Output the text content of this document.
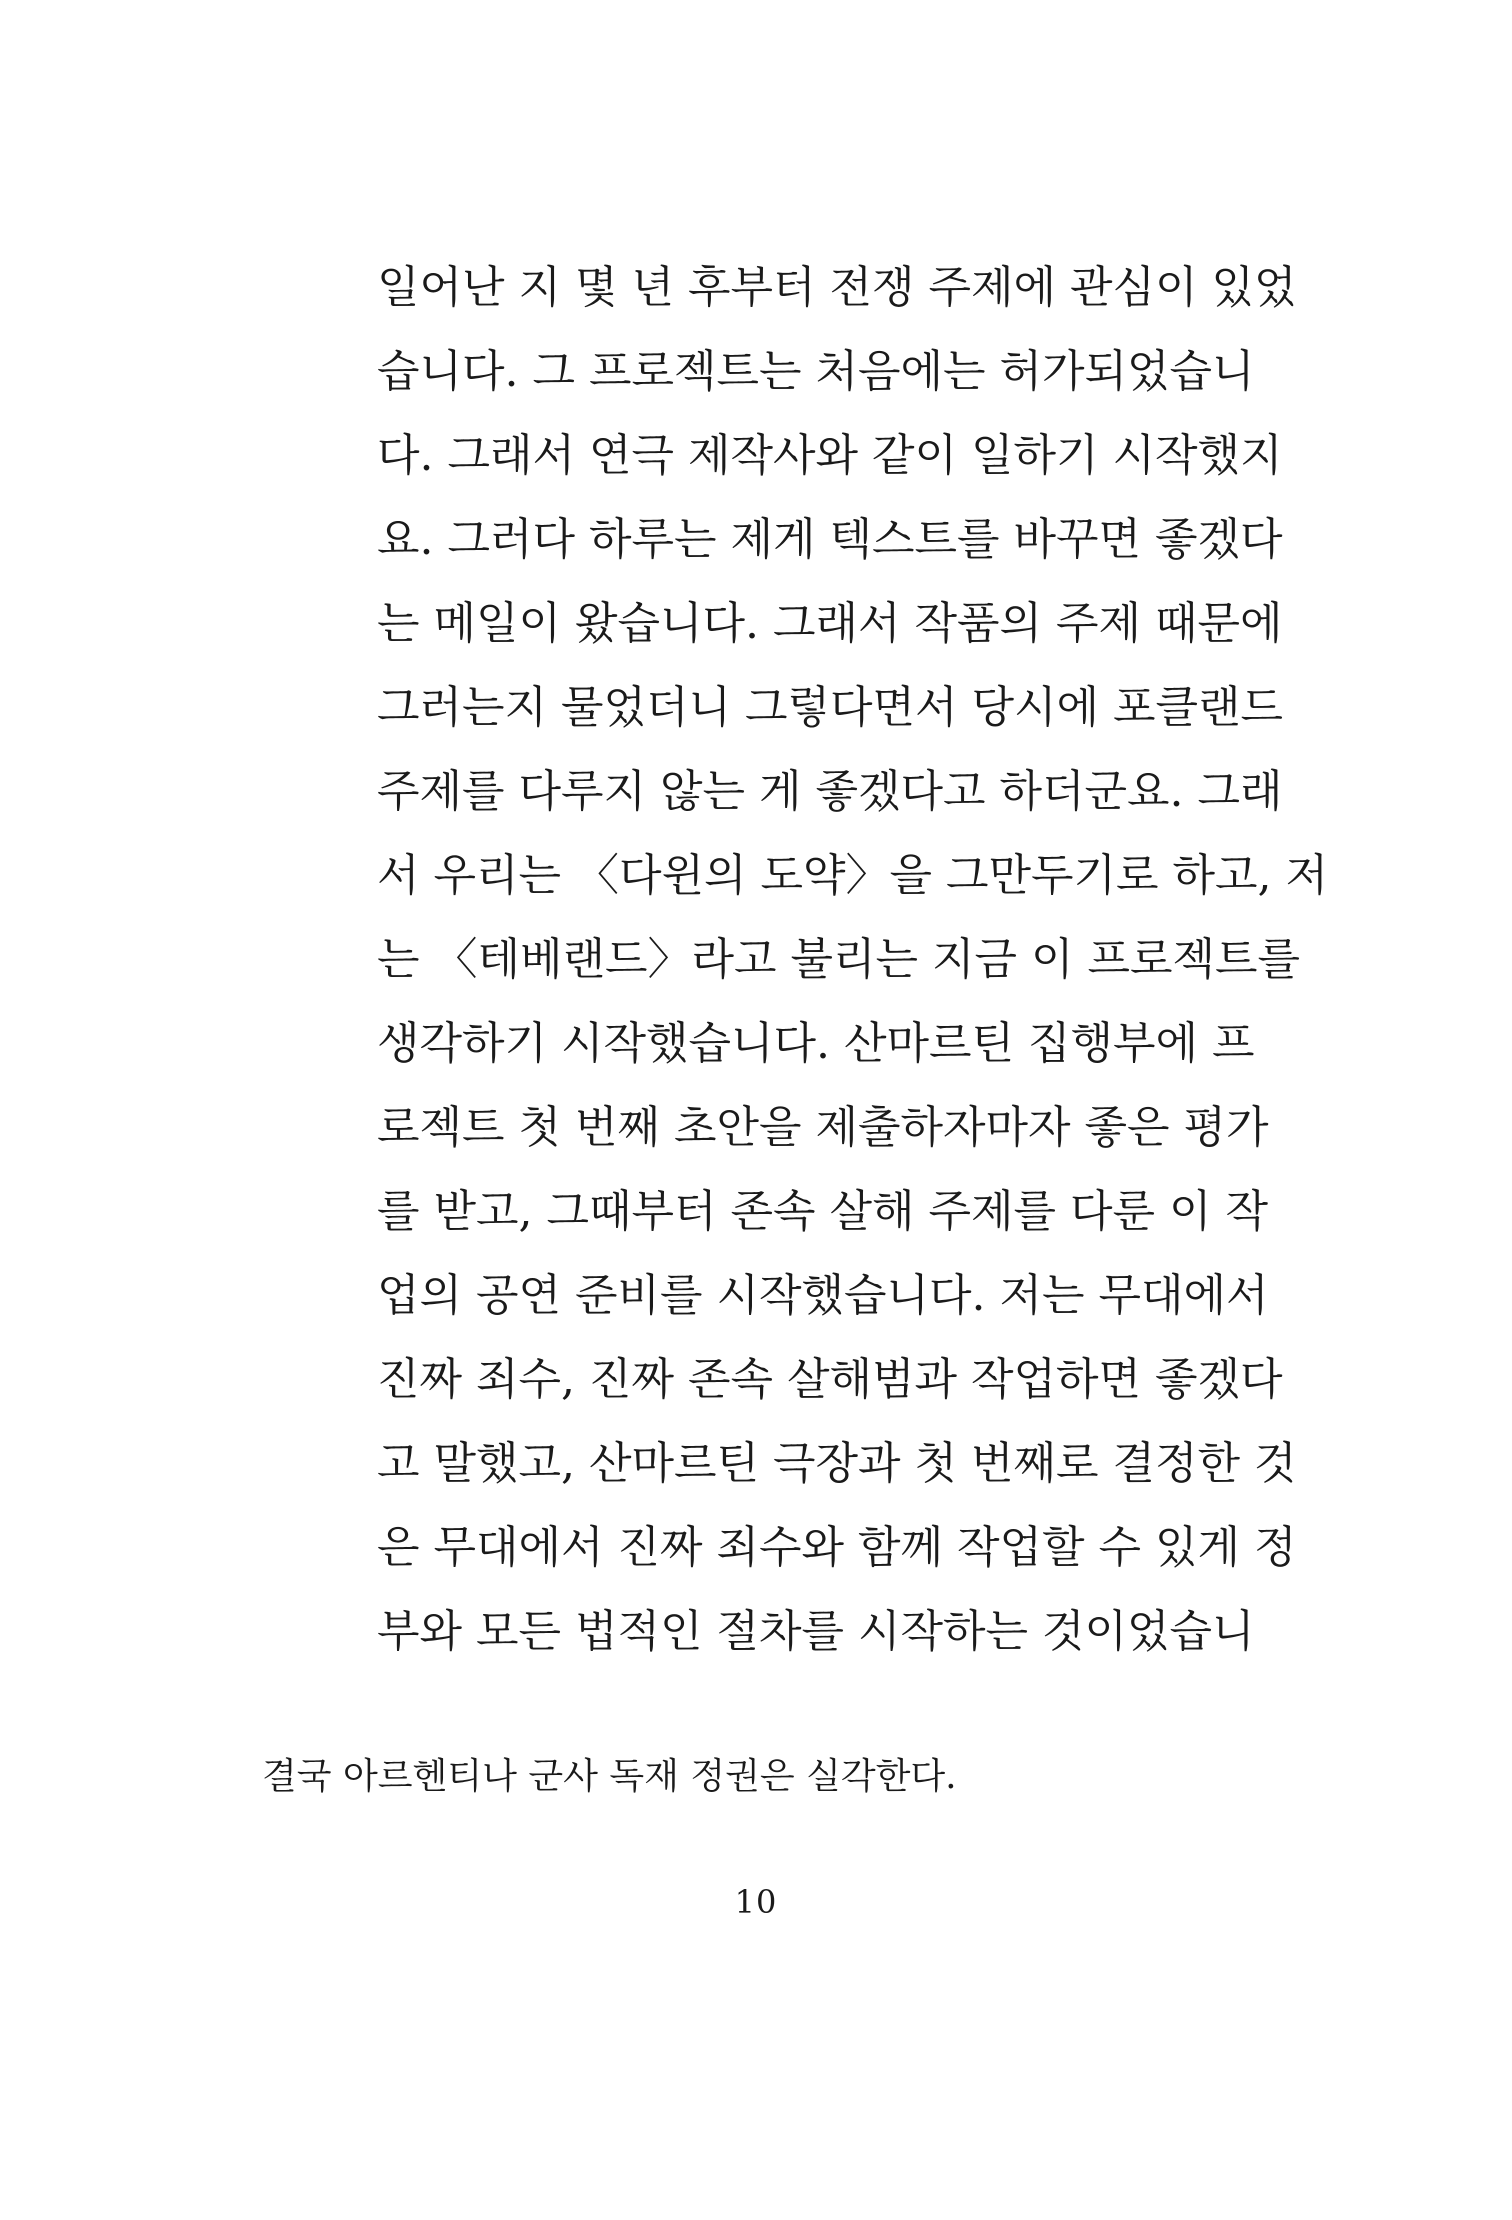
일어난 지 몇 년 후부터 전쟁 주제에 관심이 있었
습니다. 그 프로젝트는 처음에는 허가되었습니
다. 그래서 연극 제작사와 같이 일하기 시작했지
요. 그러다 하루는 제게 텍스트를 바꾸면 좋겠다
는 메일이 왔습니다. 그래서 작품의 주제 때문에
그러는지 물었더니 그렇다면서 당시에 포클랜드
주제를 다루지 않는 게 좋겠다고 하더군요. 그래
서 우리는 〈다윈의 도약〉을 그만두기로 하고, 저
는 〈테베랜드〉라고 불리는 지금 이 프로젝트를
생각하기 시작했습니다. 산마르틴 집행부에 프
로젝트 첫 번째 초안을 제출하자마자 좋은 평가
를 받고, 그때부터 존속 살해 주제를 다룬 이 작
업의 공연 준비를 시작했습니다. 저는 무대에서
진짜 죄수, 진짜 존속 살해범과 작업하면 좋겠다
고 말했고, 산마르틴 극장과 첫 번째로 결정한 것
은 무대에서 진짜 죄수와 함께 작업할 수 있게 정
부와 모든 법적인 절차를 시작하는 것이었습니
결국 아르헨티나 군사 독재 정권은 실각한다.
10
